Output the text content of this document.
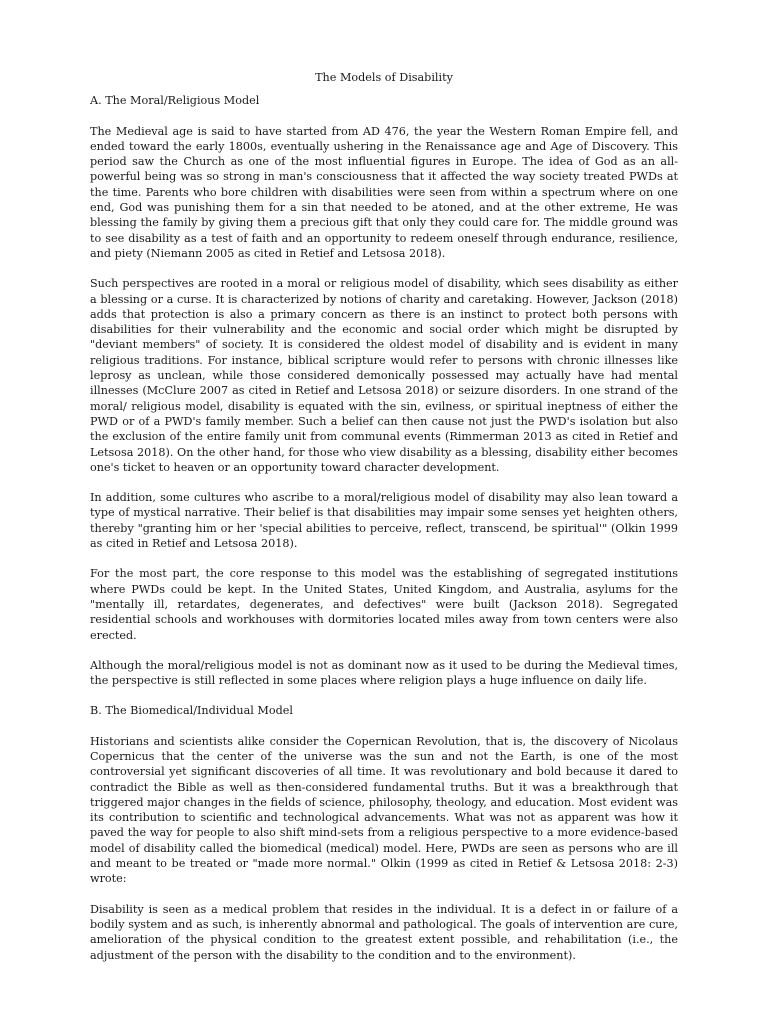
The Models of Disability
A. The Moral/Religious Model

The Medieval age is said to have started from AD 476, the year the Western Roman Empire fell, and ended toward the early 1800s, eventually ushering in the Renaissance age and Age of Discovery. This period saw the Church as one of the most influential figures in Europe. The idea of God as an all-powerful being was so strong in man's consciousness that it affected the way society treated PWDs at the time. Parents who bore children with disabilities were seen from within a spectrum where on one end, God was punishing them for a sin that needed to be atoned, and at the other extreme, He was blessing the family by giving them a precious gift that only they could care for. The middle ground was to see disability as a test of faith and an opportunity to redeem oneself through endurance, resilience, and piety (Niemann 2005 as cited in Retief and Letsosa 2018).

Such perspectives are rooted in a moral or religious model of disability, which sees disability as either a blessing or a curse. It is characterized by notions of charity and caretaking. However, Jackson (2018) adds that protection is also a primary concern as there is an instinct to protect both persons with disabilities for their vulnerability and the economic and social order which might be disrupted by "deviant members" of society. It is considered the oldest model of disability and is evident in many religious traditions. For instance, biblical scripture would refer to persons with chronic illnesses like leprosy as unclean, while those considered demonically possessed may actually have had mental illnesses (McClure 2007 as cited in Retief and Letsosa 2018) or seizure disorders. In one strand of the moral/ religious model, disability is equated with the sin, evilness, or spiritual ineptness of either the PWD or of a PWD's family member. Such a belief can then cause not just the PWD's isolation but also the exclusion of the entire family unit from communal events (Rimmerman 2013 as cited in Retief and Letsosa 2018). On the other hand, for those who view disability as a blessing, disability either becomes one's ticket to heaven or an opportunity toward character development.

In addition, some cultures who ascribe to a moral/religious model of disability may also lean toward a type of mystical narrative. Their belief is that disabilities may impair some senses yet heighten others, thereby "granting him or her 'special abilities to perceive, reflect, transcend, be spiritual'" (Olkin 1999 as cited in Retief and Letsosa 2018).

For the most part, the core response to this model was the establishing of segregated institutions where PWDs could be kept. In the United States, United Kingdom, and Australia, asylums for the "mentally ill, retardates, degenerates, and defectives" were built (Jackson 2018). Segregated residential schools and workhouses with dormitories located miles away from town centers were also erected.

Although the moral/religious model is not as dominant now as it used to be during the Medieval times, the perspective is still reflected in some places where religion plays a huge influence on daily life.

B. The Biomedical/Individual Model

Historians and scientists alike consider the Copernican Revolution, that is, the discovery of Nicolaus Copernicus that the center of the universe was the sun and not the Earth, is one of the most controversial yet significant discoveries of all time. It was revolutionary and bold because it dared to contradict the Bible as well as then-considered fundamental truths. But it was a breakthrough that triggered major changes in the fields of science, philosophy, theology, and education. Most evident was its contribution to scientific and technological advancements. What was not as apparent was how it paved the way for people to also shift mind-sets from a religious perspective to a more evidence-based model of disability called the biomedical (medical) model. Here, PWDs are seen as persons who are ill and meant to be treated or "made more normal." Olkin (1999 as cited in Retief & Letsosa 2018: 2-3) wrote:

Disability is seen as a medical problem that resides in the individual. It is a defect in or failure of a bodily system and as such, is inherently abnormal and pathological. The goals of intervention are cure, amelioration of the physical condition to the greatest extent possible, and rehabilitation (i.e., the adjustment of the person with the disability to the condition and to the environment).
